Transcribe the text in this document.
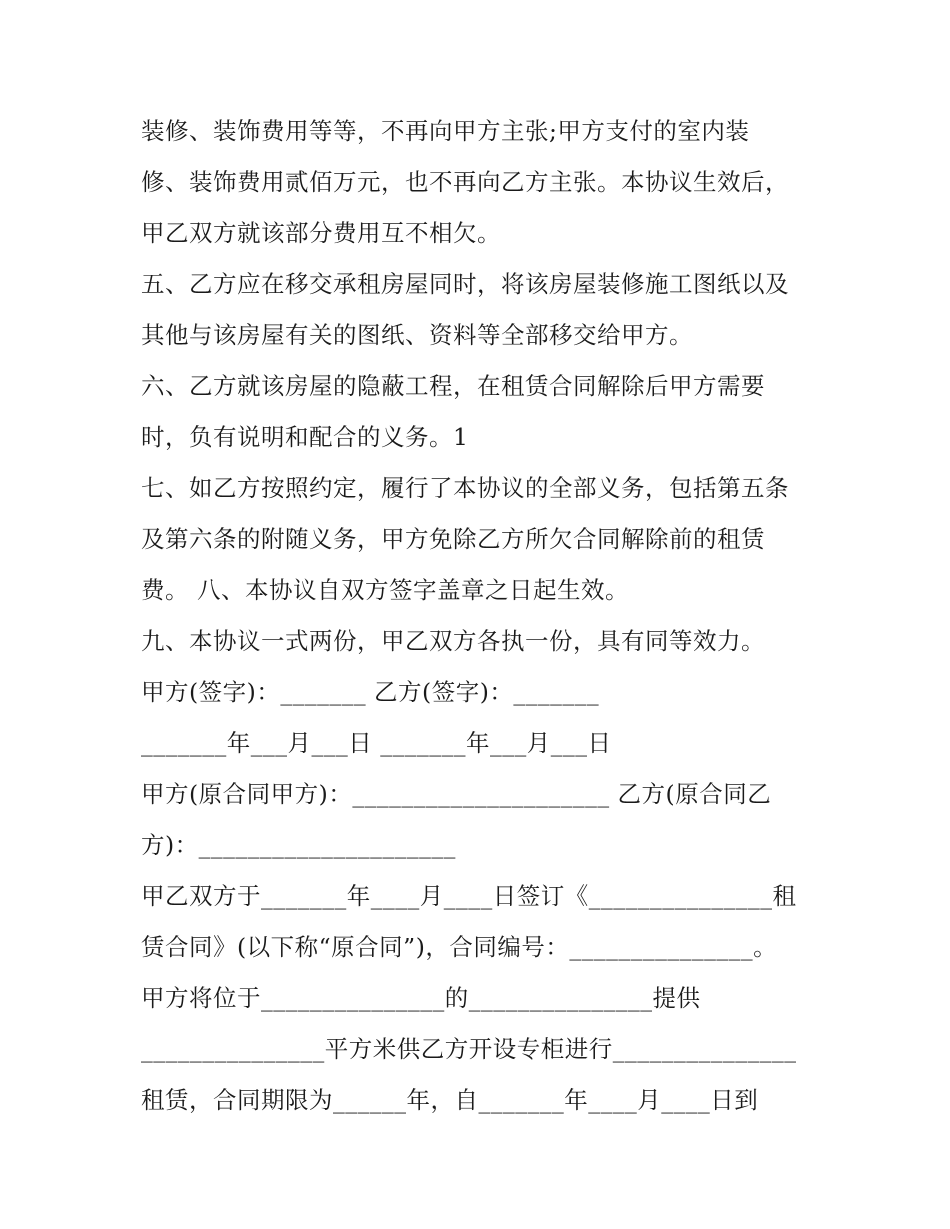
装修、装饰费用等等，不再向甲方主张;甲方支付的室内装
修、装饰费用贰佰万元，也不再向乙方主张。本协议生效后，
甲乙双方就该部分费用互不相欠。
五、乙方应在移交承租房屋同时，将该房屋装修施工图纸以及
其他与该房屋有关的图纸、资料等全部移交给甲方。
六、乙方就该房屋的隐蔽工程，在租赁合同解除后甲方需要
时，负有说明和配合的义务。1
七、如乙方按照约定，履行了本协议的全部义务，包括第五条
及第六条的附随义务，甲方免除乙方所欠合同解除前的租赁
费。 八、本协议自双方签字盖章之日起生效。
九、本协议一式两份，甲乙双方各执一份，具有同等效力。
甲方(签字)：_______ 乙方(签字)：_______
_______年___月___日 _______年___月___日
甲方(原合同甲方)：_____________________ 乙方(原合同乙
方)：_____________________
甲乙双方于_______年____月____日签订《_______________租
赁合同》(以下称“原合同”)，合同编号：_______________。
甲方将位于_______________的_______________提供
_______________平方米供乙方开设专柜进行_______________
租赁，合同期限为______年，自_______年____月____日到
